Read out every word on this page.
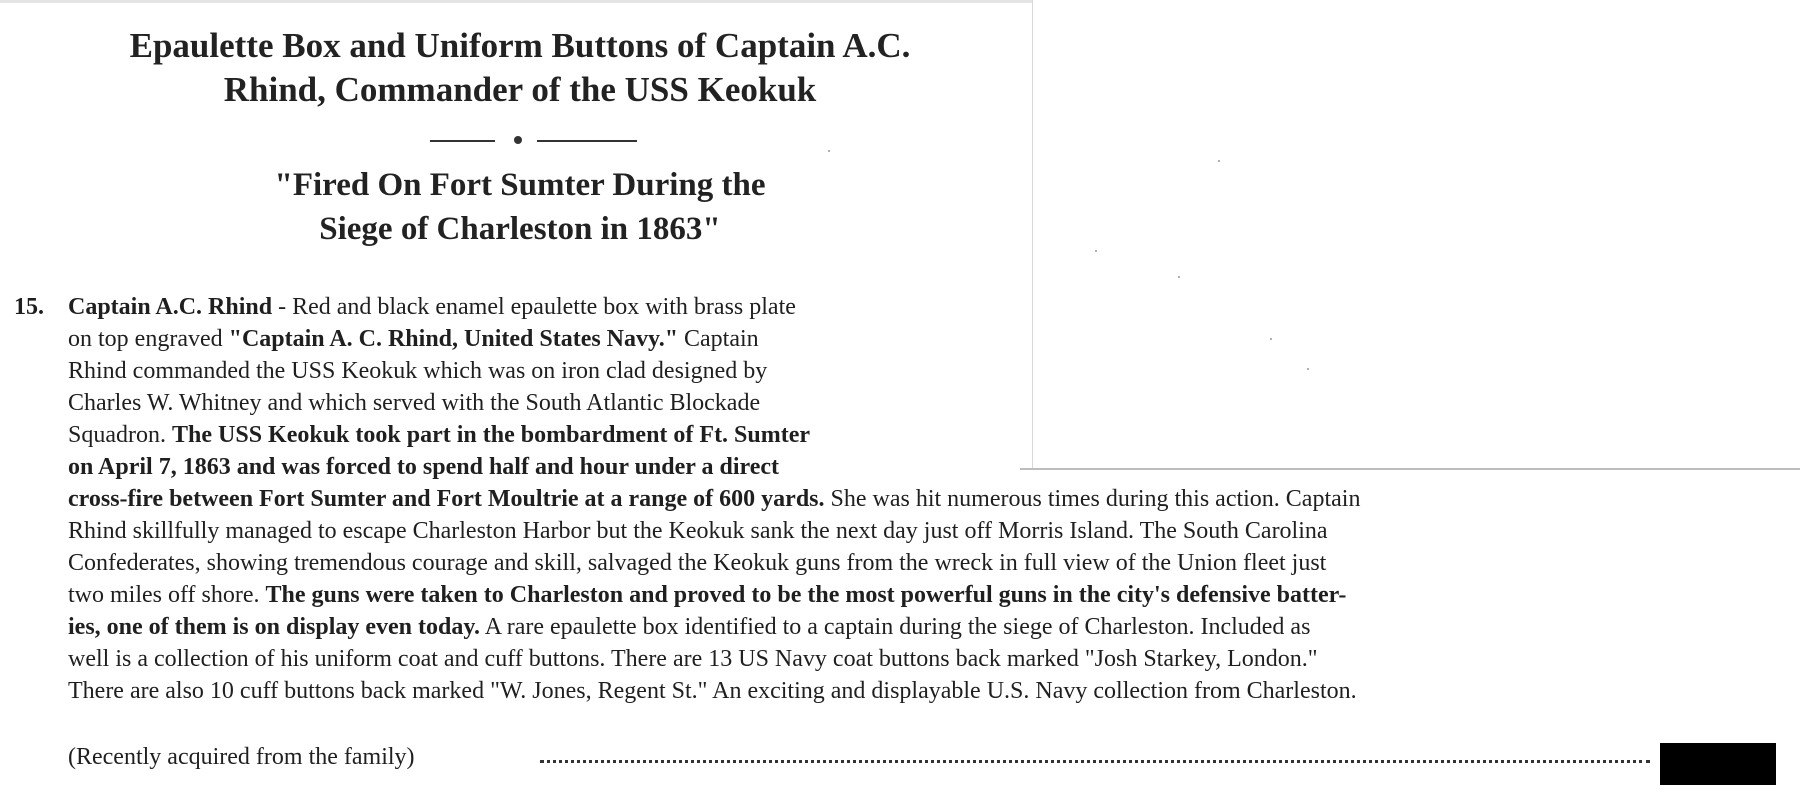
Epaulette Box and Uniform Buttons of Captain A.C.
Rhind, Commander of the USS Keokuk
"Fired On Fort Sumter During the
Siege of Charleston in 1863"
15. Captain A.C. Rhind - Red and black enamel epaulette box with brass plate
on top engraved "Captain A. C. Rhind, United States Navy." Captain
Rhind commanded the USS Keokuk which was on iron clad designed by
Charles W. Whitney and which served with the South Atlantic Blockade
Squadron. The USS Keokuk took part in the bombardment of Ft. Sumter
on April 7, 1863 and was forced to spend half and hour under a direct
cross-fire between Fort Sumter and Fort Moultrie at a range of 600 yards. She was hit numerous times during this action. Captain
Rhind skillfully managed to escape Charleston Harbor but the Keokuk sank the next day just off Morris Island. The South Carolina
Confederates, showing tremendous courage and skill, salvaged the Keokuk guns from the wreck in full view of the Union fleet just
two miles off shore. The guns were taken to Charleston and proved to be the most powerful guns in the city's defensive batter-
ies, one of them is on display even today. A rare epaulette box identified to a captain during the siege of Charleston. Included as
well is a collection of his uniform coat and cuff buttons. There are 13 US Navy coat buttons back marked "Josh Starkey, London."
There are also 10 cuff buttons back marked "W. Jones, Regent St." An exciting and displayable U.S. Navy collection from Charleston.
(Recently acquired from the family)
